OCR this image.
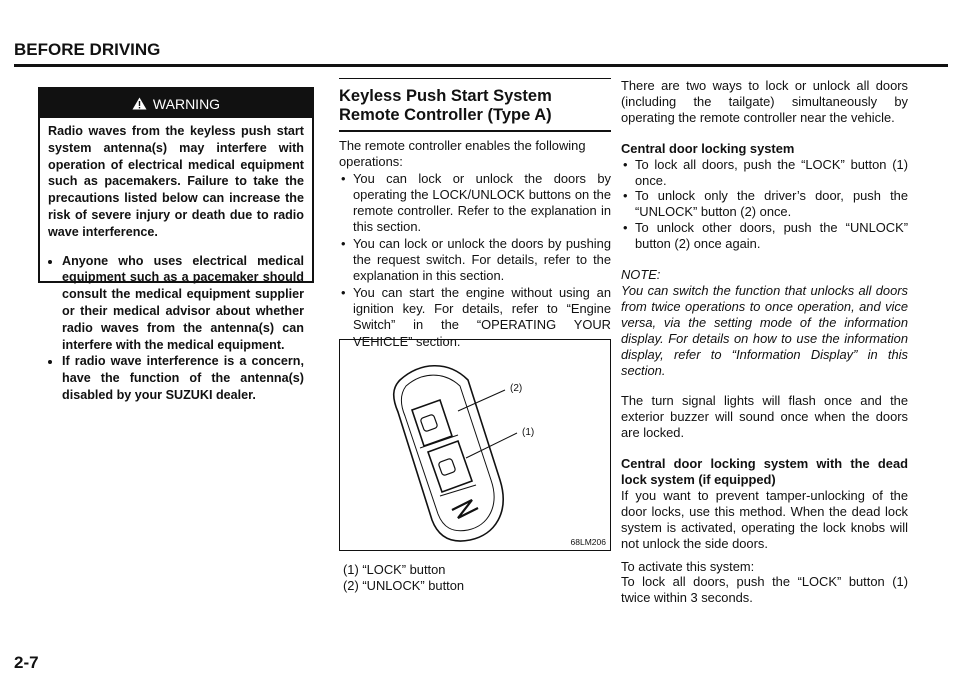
BEFORE DRIVING
WARNING

Radio waves from the keyless push start system antenna(s) may interfere with operation of electrical medical equipment such as pacemakers. Failure to take the precautions listed below can increase the risk of severe injury or death due to radio wave interference.

• Anyone who uses electrical medical equipment such as a pacemaker should consult the medical equipment supplier or their medical advisor about whether radio waves from the antenna(s) can interfere with the medical equipment.
• If radio wave interference is a concern, have the function of the antenna(s) disabled by your SUZUKI dealer.
Keyless Push Start System Remote Controller (Type A)

The remote controller enables the following operations:

• You can lock or unlock the doors by operating the LOCK/UNLOCK buttons on the remote controller. Refer to the explanation in this section.
• You can lock or unlock the doors by pushing the request switch. For details, refer to the explanation in this section.
• You can start the engine without using an ignition key. For details, refer to “Engine Switch” in the “OPERATING YOUR VEHICLE” section.
(2)
(1)
68LM206
(1) “LOCK” button
(2) “UNLOCK” button

There are two ways to lock or unlock all doors (including the tailgate) simultaneously by operating the remote controller near the vehicle.

Central door locking system

• To lock all doors, push the “LOCK” button (1) once.
• To unlock only the driver’s door, push the “UNLOCK” button (2) once.
• To unlock other doors, push the “UNLOCK” button (2) once again.

NOTE:

You can switch the function that unlocks all doors from twice operations to once operation, and vice versa, via the setting mode of the information display. For details on how to use the information display, refer to “Information Display” in this section.

The turn signal lights will flash once and the exterior buzzer will sound once when the doors are locked.

Central door locking system with the dead lock system (if equipped)

If you want to prevent tamper-unlocking of the door locks, use this method. When the dead lock system is activated, operating the lock knobs will not unlock the side doors.

To activate this system:

To lock all doors, push the “LOCK” button (1) twice within 3 seconds.

2-7
